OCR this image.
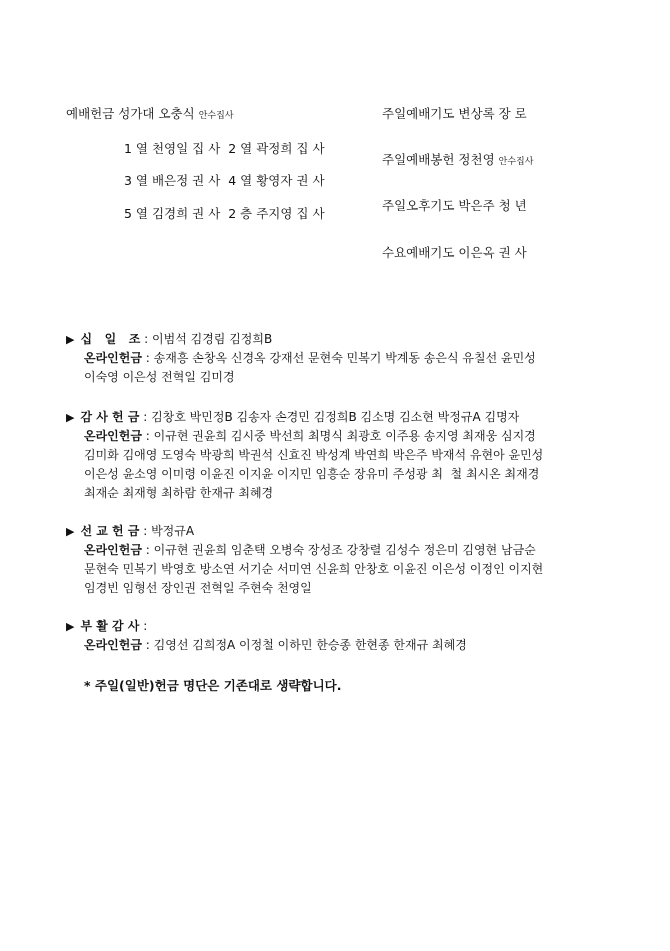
예배헌금 성가대 오충식 안수집사
1 열 천영일 집 사  2 열 곽정희 집 사
3 열 배은정 권 사  4 열 황영자 권 사
5 열 김경희 권 사  2 층 주지영 집 사
주일예배기도 변상록 장 로
주일예배봉헌 정천영 안수집사
주일오후기도 박은주 청 년
수요예배기도 이은옥 권 사
▶ 십   일   조 : 이범석 김경림 김정희B
온라인헌금 : 송재흥 손창옥 신경옥 강재선 문현숙 민복기 박계동 송은식 유칠선 윤민성
이숙영 이은성 전혁일 김미경
▶ 감 사 헌 금 : 김창호 박민정B 김송자 손경민 김정희B 김소명 김소현 박정규A 김명자
온라인헌금 : 이규현 권윤희 김시중 박선희 최명식 최광호 이주용 송지영 최재웅 심지경
김미화 김애영 도영숙 박광희 박권석 신효진 박성계 박연희 박은주 박재석 유현아 윤민성
이은성 윤소영 이미령 이윤진 이지윤 이지민 임흥순 장유미 주성광 최  철 최시온 최재경
최재순 최재형 최하람 한재규 최혜경
▶ 선 교 헌 금 : 박정규A
온라인헌금 : 이규현 권윤희 임춘택 오병숙 장성조 강창렬 김성수 정은미 김영현 남금순
문현숙 민복기 박영호 방소연 서기순 서미연 신윤희 안창호 이윤진 이은성 이정인 이지현
임경빈 임형선 장인권 전혁일 주현숙 천영일
▶ 부 활 감 사 :
온라인헌금 : 김영선 김희정A 이정철 이하민 한승종 한현종 한재규 최혜경
* 주일(일반)헌금 명단은 기존대로 생략합니다.
